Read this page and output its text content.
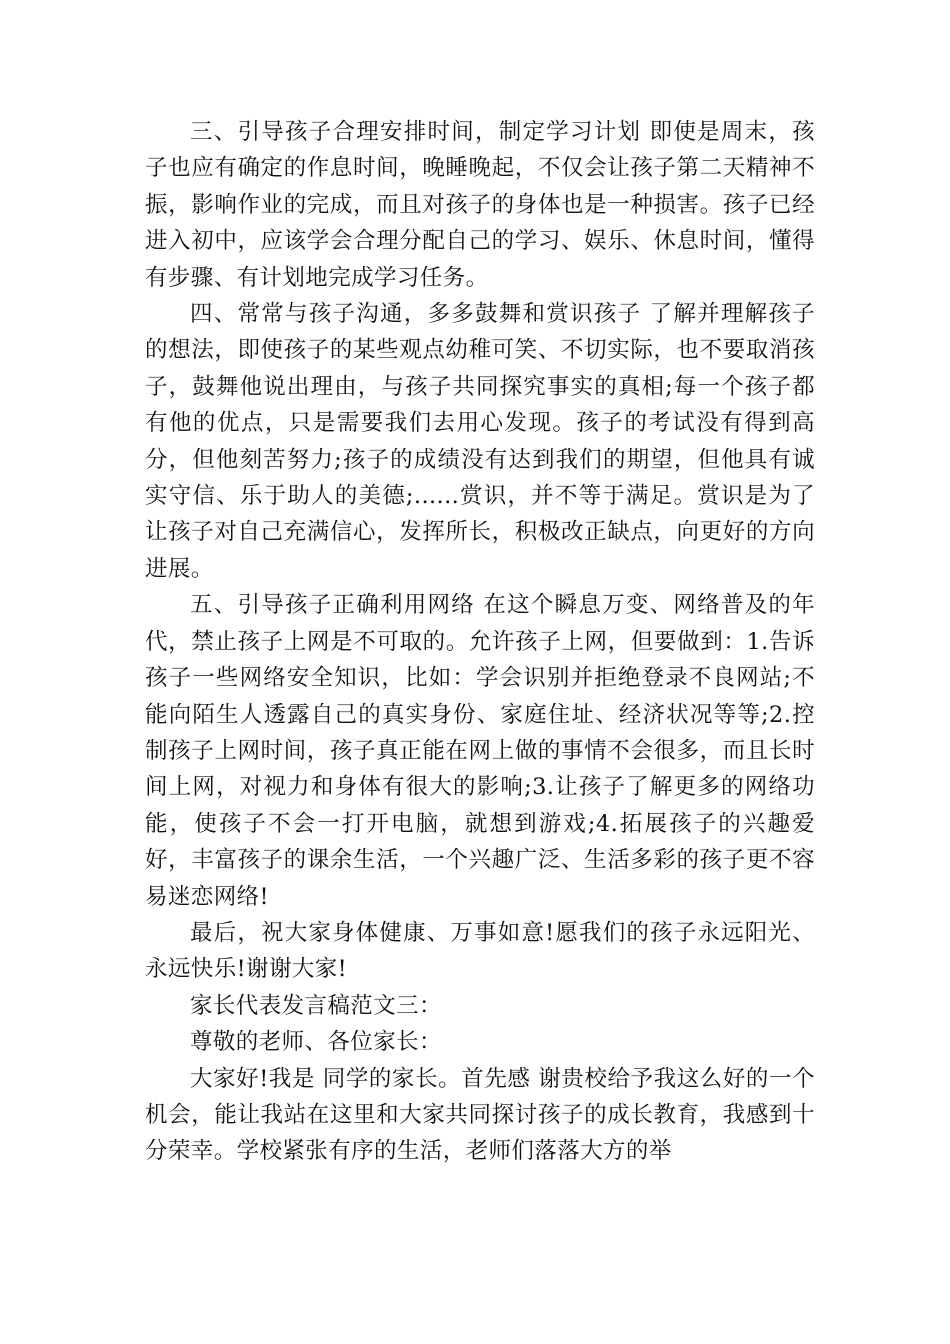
三、引导孩子合理安排时间，制定学习计划 即使是周末，孩子也应有确定的作息时间，晚睡晚起，不仅会让孩子第二天精神不振，影响作业的完成，而且对孩子的身体也是一种损害。孩子已经进入初中，应该学会合理分配自己的学习、娱乐、休息时间，懂得有步骤、有计划地完成学习任务。

四、常常与孩子沟通，多多鼓舞和赏识孩子 了解并理解孩子的想法，即使孩子的某些观点幼稚可笑、不切实际，也不要取消孩子，鼓舞他说出理由，与孩子共同探究事实的真相;每一个孩子都有他的优点，只是需要我们去用心发现。孩子的考试没有得到高分，但他刻苦努力;孩子的成绩没有达到我们的期望，但他具有诚实守信、乐于助人的美德;......赏识，并不等于满足。赏识是为了让孩子对自己充满信心，发挥所长，积极改正缺点，向更好的方向进展。

五、引导孩子正确利用网络 在这个瞬息万变、网络普及的年代，禁止孩子上网是不可取的。允许孩子上网，但要做到：1.告诉孩子一些网络安全知识，比如：学会识别并拒绝登录不良网站;不能向陌生人透露自己的真实身份、家庭住址、经济状况等等;2.控制孩子上网时间，孩子真正能在网上做的事情不会很多，而且长时间上网，对视力和身体有很大的影响;3.让孩子了解更多的网络功能，使孩子不会一打开电脑，就想到游戏;4.拓展孩子的兴趣爱好，丰富孩子的课余生活，一个兴趣广泛、生活多彩的孩子更不容易迷恋网络!

最后，祝大家身体健康、万事如意!愿我们的孩子永远阳光、永远快乐!谢谢大家!

家长代表发言稿范文三：

尊敬的老师、各位家长：

大家好!我是 同学的家长。首先感 谢贵校给予我这么好的一个机会，能让我站在这里和大家共同探讨孩子的成长教育，我感到十分荣幸。学校紧张有序的生活，老师们落落大方的举
